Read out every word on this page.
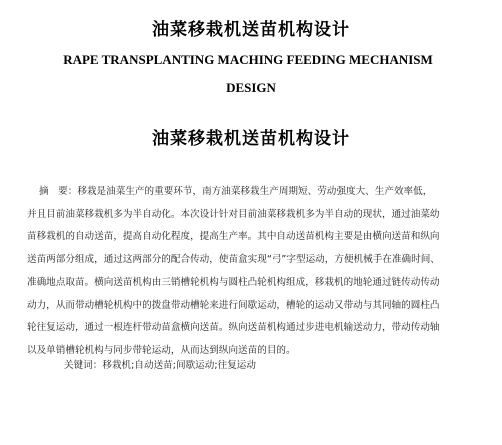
油菜移栽机送苗机构设计
RAPE TRANSPLANTING MACHING FEEDING MECHANISM
DESIGN
油菜移栽机送苗机构设计
摘　要：移栽是油菜生产的重要环节，南方油菜移栽生产周期短、劳动强度大、生产效率低，
并且目前油菜移栽机多为半自动化。本次设计针对目前油菜移栽机多为半自动的现状，通过油菜幼
苗移栽机的自动送苗，提高自动化程度，提高生产率。其中自动送苗机构主要是由横向送苗和纵向
送苗两部分组成，通过这两部分的配合传动，使苗盒实现“弓”字型运动，方便机械手在准确时间、
准确地点取苗。横向送苗机构由三销槽轮机构与圆柱凸轮机构组成，移栽机的地轮通过链传动传动
动力，从而带动槽轮机构中的拨盘带动槽轮来进行间歇运动，槽轮的运动又带动与其同轴的圆柱凸
轮往复运动，通过一根连杆带动苗盒横向送苗。纵向送苗机构通过步进电机输送动力，带动传动轴
以及单销槽轮机构与同步带轮运动，从而达到纵向送苗的目的。
关键词：移栽机;自动送苗;间歇运动;往复运动
